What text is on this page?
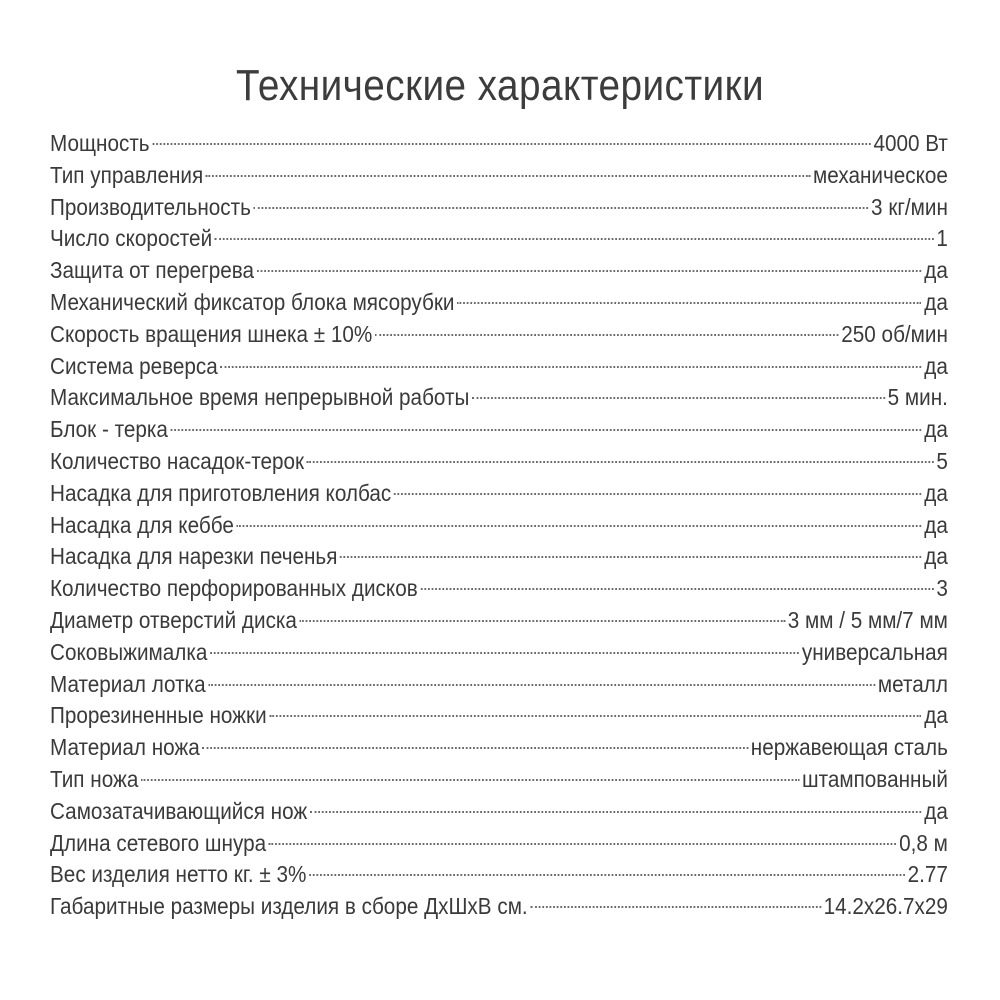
Технические характеристики
Мощность	4000 Вт
Тип управления	механическое
Производительность	3 кг/мин
Число скоростей	1
Защита от перегрева	да
Механический фиксатор блока мясорубки	да
Скорость вращения шнека ± 10%	250 об/мин
Система реверса	да
Максимальное время непрерывной работы	5 мин.
Блок - терка	да
Количество насадок-терок	5
Насадка для приготовления колбас	да
Насадка для кеббе	да
Насадка для нарезки печенья	да
Количество перфорированных дисков	3
Диаметр отверстий диска	3 мм / 5 мм/7 мм
Соковыжималка	универсальная
Материал лотка	металл
Прорезиненные ножки	да
Материал ножа	нержавеющая сталь
Тип ножа	штампованный
Самозатачивающийся нож	да
Длина сетевого шнура	0,8 м
Вес изделия нетто кг. ± 3%	2.77
Габаритные размеры изделия в сборе ДхШхВ см.	14.2x26.7x29
